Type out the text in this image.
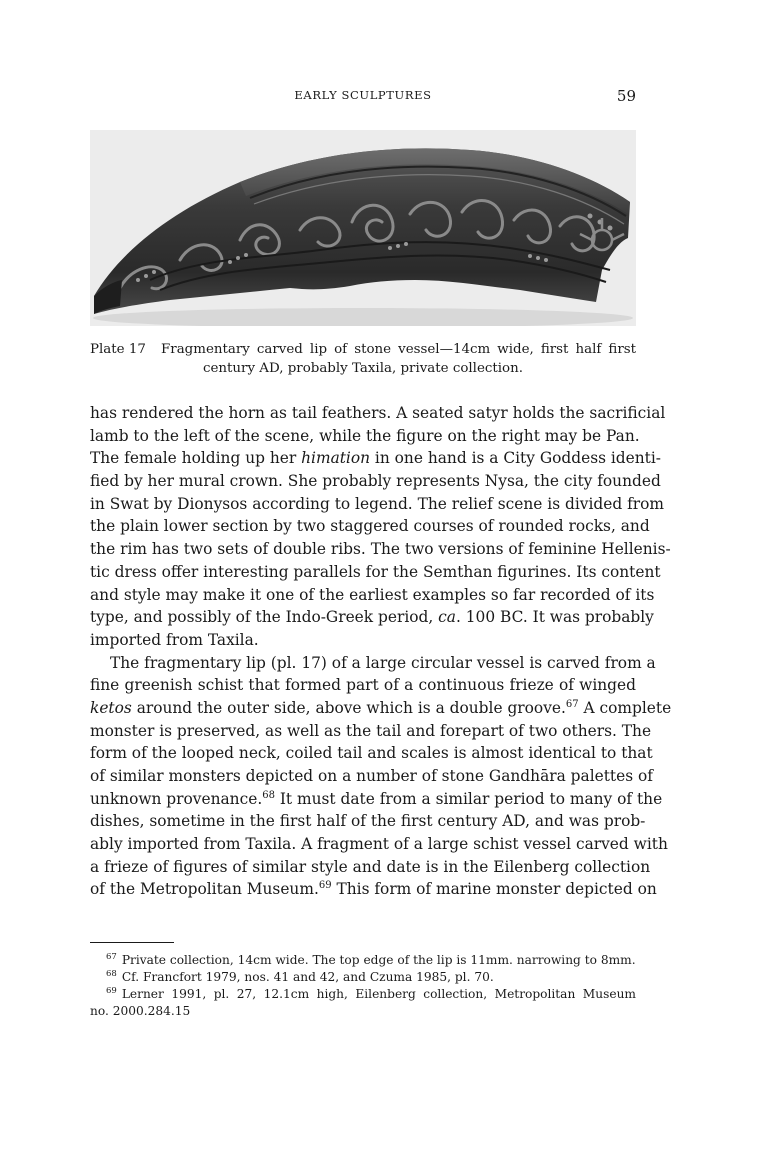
EARLY SCULPTURES	59
Plate 17 Fragmentary carved lip of stone vessel—14cm wide, first half first
century AD, probably Taxila, private collection.
has rendered the horn as tail feathers. A seated satyr holds the sacrificial
lamb to the left of the scene, while the figure on the right may be Pan.
The female holding up her himation in one hand is a City Goddess identi-
fied by her mural crown. She probably represents Nysa, the city founded
in Swat by Dionysos according to legend. The relief scene is divided from
the plain lower section by two staggered courses of rounded rocks, and
the rim has two sets of double ribs. The two versions of feminine Hellenis-
tic dress offer interesting parallels for the Semthan figurines. Its content
and style may make it one of the earliest examples so far recorded of its
type, and possibly of the Indo-Greek period, ca. 100 BC. It was probably
imported from Taxila.
The fragmentary lip (pl. 17) of a large circular vessel is carved from a
fine greenish schist that formed part of a continuous frieze of winged
ketos around the outer side, above which is a double groove.$^{67}$ A complete
monster is preserved, as well as the tail and forepart of two others. The
form of the looped neck, coiled tail and scales is almost identical to that
of similar monsters depicted on a number of stone Gandhāra palettes of
unknown provenance.$^{68}$ It must date from a similar period to many of the
dishes, sometime in the first half of the first century AD, and was prob-
ably imported from Taxila. A fragment of a large schist vessel carved with
a frieze of figures of similar style and date is in the Eilenberg collection
of the Metropolitan Museum.$^{69}$ This form of marine monster depicted on
$^{67}$ Private collection, 14cm wide. The top edge of the lip is 11mm. narrowing to 8mm.
$^{68}$ Cf. Francfort 1979, nos. 41 and 42, and Czuma 1985, pl. 70.
$^{69}$ Lerner 1991, pl. 27, 12.1cm high, Eilenberg collection, Metropolitan Museum
no. 2000.284.15
